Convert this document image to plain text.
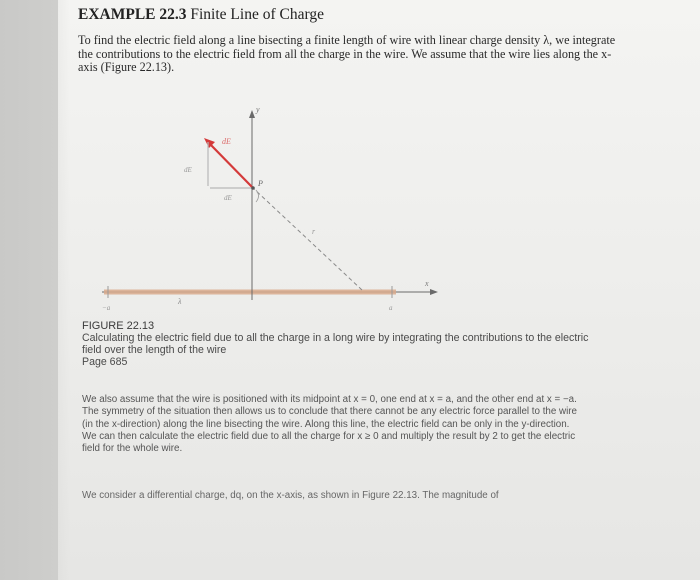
EXAMPLE 22.3 Finite Line of Charge

To find the electric field along a line bisecting a finite length of wire with linear charge density λ, we integrate the contributions to the electric field from all the charge in the wire. We assume that the wire lies along the x-axis (Figure 22.13).

y
x
dE
dE
dE
P
r
λ
−a	a

FIGURE 22.13

Calculating the electric field due to all the charge in a long wire by integrating the contributions to the electric field over the length of the wire

Page 685

We also assume that the wire is positioned with its midpoint at x = 0, one end at x = a, and the other end at x = −a. The symmetry of the situation then allows us to conclude that there cannot be any electric force parallel to the wire (in the x-direction) along the line bisecting the wire. Along this line, the electric field can be only in the y-direction. We can then calculate the electric field due to all the charge for x ≥ 0 and multiply the result by 2 to get the electric field for the whole wire.

We consider a differential charge, dq, on the x-axis, as shown in Figure 22.13. The magnitude of
